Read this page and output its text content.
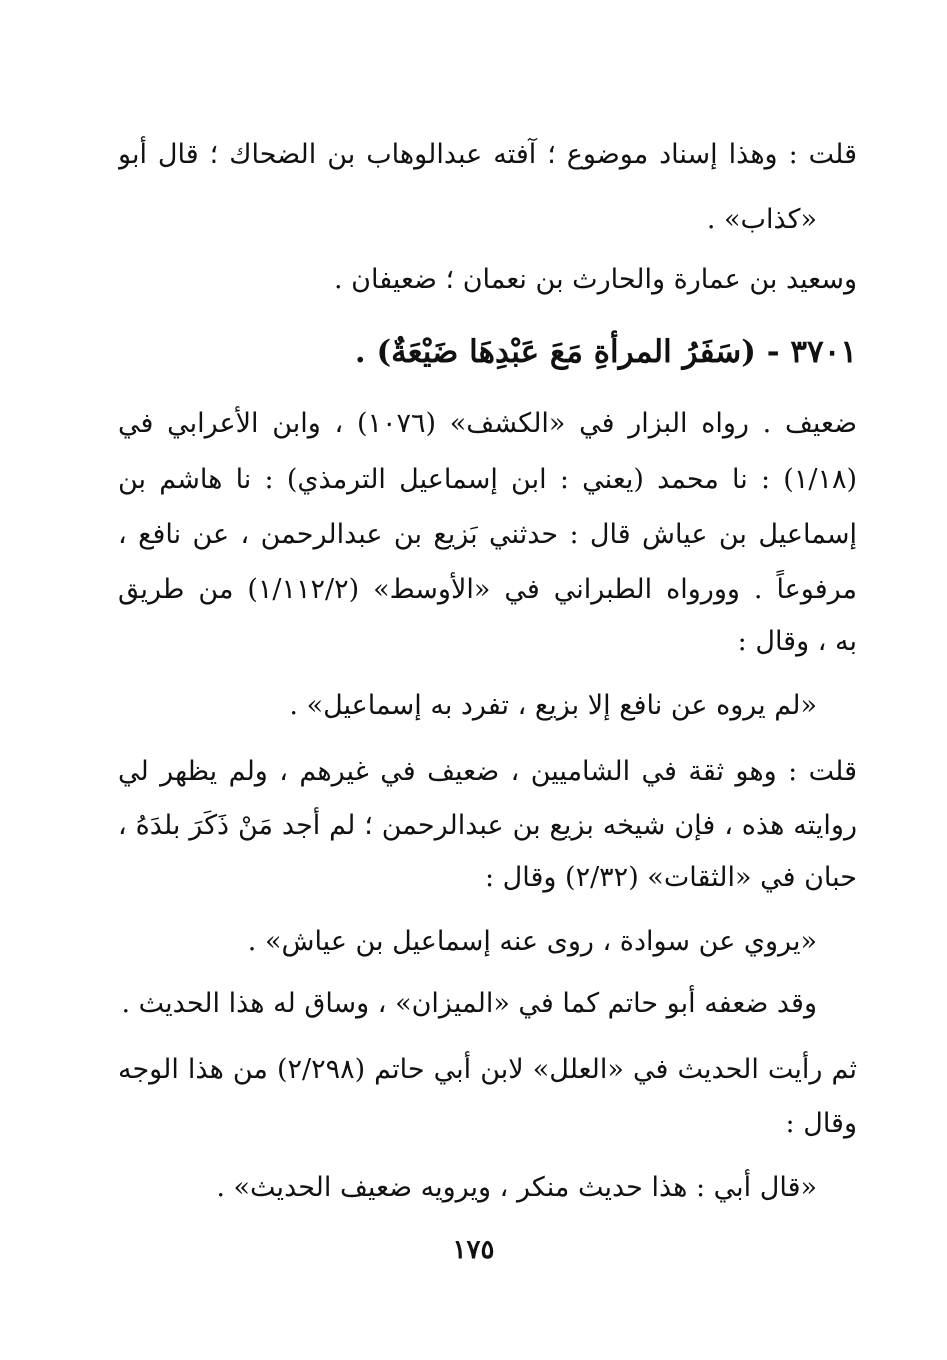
قلت : وهذا إسناد موضوع ؛ آفته عبدالوهاب بن الضحاك ؛ قال أبو
«كذاب» .
وسعيد بن عمارة والحارث بن نعمان ؛ ضعيفان .
٣٧٠١ - (سَفَرُ المرأةِ مَعَ عَبْدِهَا ضَيْعَةٌ) .
ضعيف . رواه البزار في «الكشف» (١٠٧٦) ، وابن الأعرابي في
(١/١٨) : نا محمد (يعني : ابن إسماعيل الترمذي) : نا هاشم بن
إسماعيل بن عياش قال : حدثني بَزيع بن عبدالرحمن ، عن نافع ،
مرفوعاً . وورواه الطبراني في «الأوسط» (١/١١٢/٢) من طريق
به ، وقال :
«لم يروه عن نافع إلا بزيع ، تفرد به إسماعيل» .
قلت : وهو ثقة في الشاميين ، ضعيف في غيرهم ، ولم يظهر لي
روايته هذه ، فإن شيخه بزيع بن عبدالرحمن ؛ لم أجد مَنْ ذَكَرَ بلدَهُ ،
حبان في «الثقات» (٢/٣٢) وقال :
«يروي عن سوادة ، روى عنه إسماعيل بن عياش» .
وقد ضعفه أبو حاتم كما في «الميزان» ، وساق له هذا الحديث .
ثم رأيت الحديث في «العلل» لابن أبي حاتم (٢/٢٩٨) من هذا الوجه
وقال :
«قال أبي : هذا حديث منكر ، ويرويه ضعيف الحديث» .
١٧٥
